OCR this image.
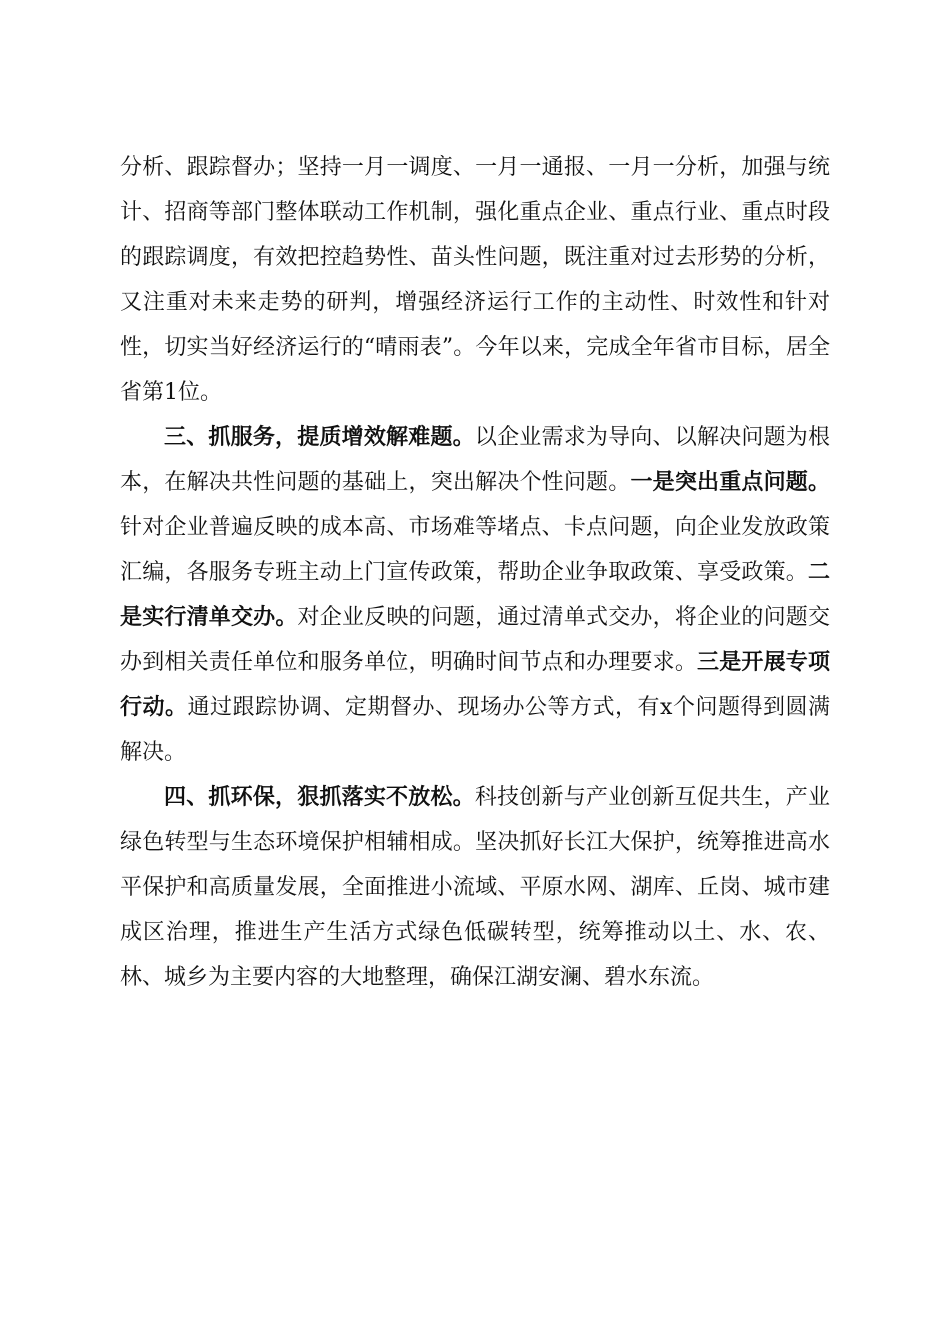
分析、跟踪督办；坚持一月一调度、一月一通报、一月一分析，加强与统计、招商等部门整体联动工作机制，强化重点企业、重点行业、重点时段的跟踪调度，有效把控趋势性、苗头性问题，既注重对过去形势的分析，又注重对未来走势的研判，增强经济运行工作的主动性、时效性和针对性，切实当好经济运行的“晴雨表”。今年以来，完成全年省市目标，居全省第1位。

三、抓服务，提质增效解难题。以企业需求为导向、以解决问题为根本，在解决共性问题的基础上，突出解决个性问题。一是突出重点问题。针对企业普遍反映的成本高、市场难等堵点、卡点问题，向企业发放政策汇编，各服务专班主动上门宣传政策，帮助企业争取政策、享受政策。二是实行清单交办。对企业反映的问题，通过清单式交办，将企业的问题交办到相关责任单位和服务单位，明确时间节点和办理要求。三是开展专项行动。通过跟踪协调、定期督办、现场办公等方式，有x个问题得到圆满解决。

四、抓环保，狠抓落实不放松。科技创新与产业创新互促共生，产业绿色转型与生态环境保护相辅相成。坚决抓好长江大保护，统筹推进高水平保护和高质量发展，全面推进小流域、平原水网、湖库、丘岗、城市建成区治理，推进生产生活方式绿色低碳转型，统筹推动以土、水、农、林、城乡为主要内容的大地整理，确保江湖安澜、碧水东流。
